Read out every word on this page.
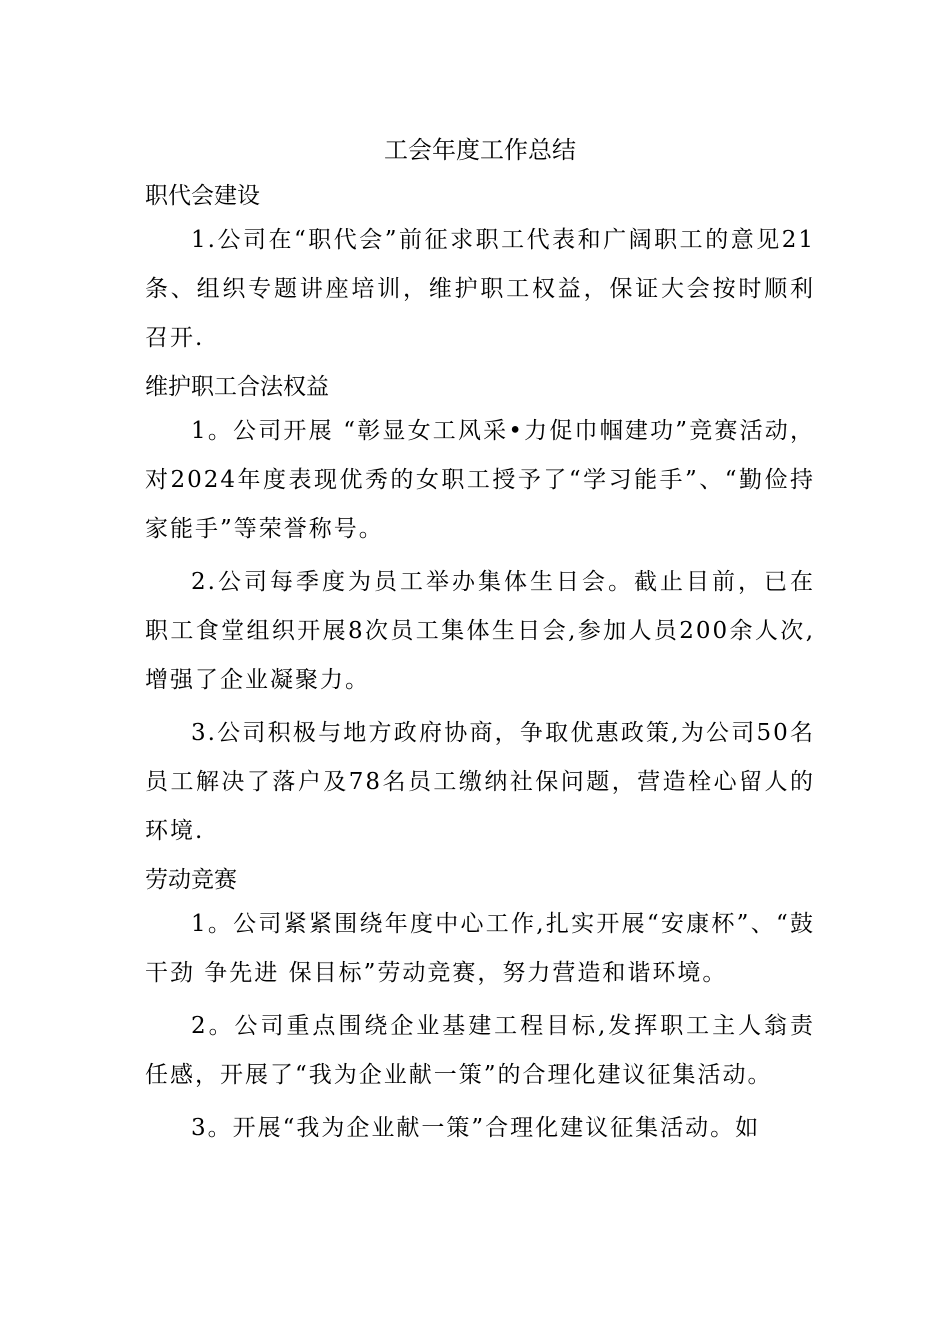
工会年度工作总结
职代会建设

1.公司在“职代会”前征求职工代表和广阔职工的意见21条、组织专题讲座培训，维护职工权益，保证大会按时顺利召开.

维护职工合法权益

1。公司开展 “彰显女工风采•力促巾帼建功”竞赛活动，对2024年度表现优秀的女职工授予了“学习能手”、“勤俭持家能手”等荣誉称号。

2.公司每季度为员工举办集体生日会。截止目前，已在职工食堂组织开展8次员工集体生日会,参加人员200余人次,增强了企业凝聚力。

3.公司积极与地方政府协商，争取优惠政策,为公司50名员工解决了落户及78名员工缴纳社保问题，营造栓心留人的环境.

劳动竞赛

1。公司紧紧围绕年度中心工作,扎实开展“安康杯”、“鼓干劲 争先进 保目标”劳动竞赛，努力营造和谐环境。

2。公司重点围绕企业基建工程目标,发挥职工主人翁责任感，开展了“我为企业献一策”的合理化建议征集活动。

3。开展“我为企业献一策”合理化建议征集活动。如
